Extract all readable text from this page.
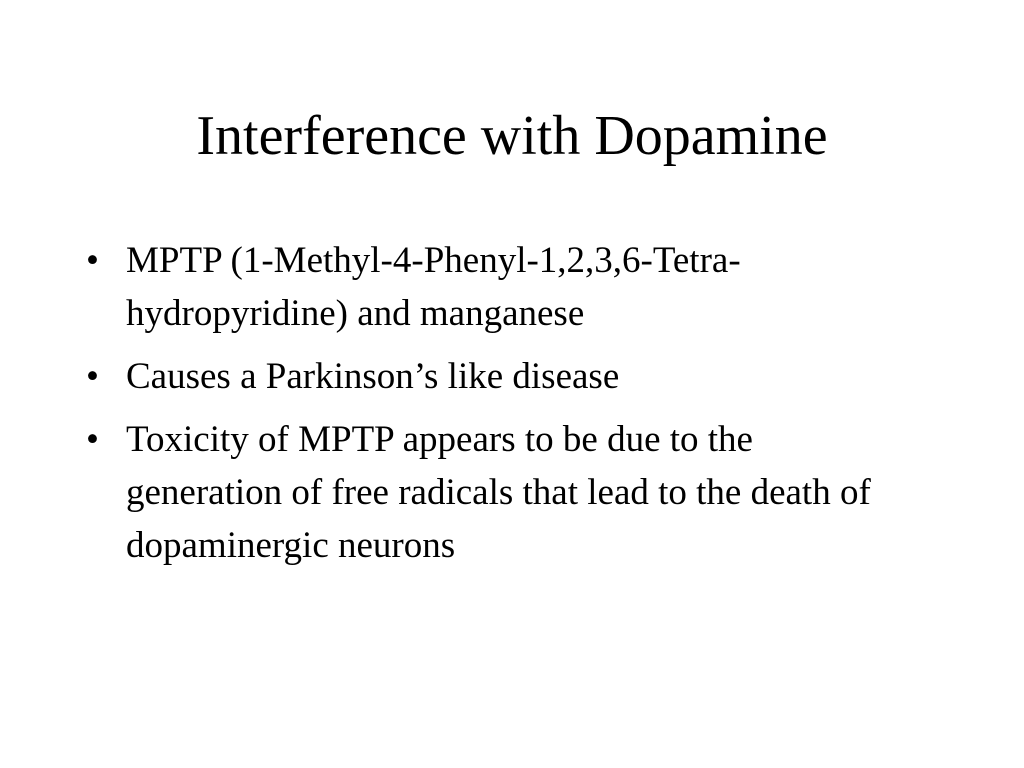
Interference with Dopamine
• MPTP (1-Methyl-4-Phenyl-1,2,3,6-Tetra-hydropyridine) and manganese
• Causes a Parkinson’s like disease
• Toxicity of MPTP appears to be due to the generation of free radicals that lead to the death of dopaminergic neurons
